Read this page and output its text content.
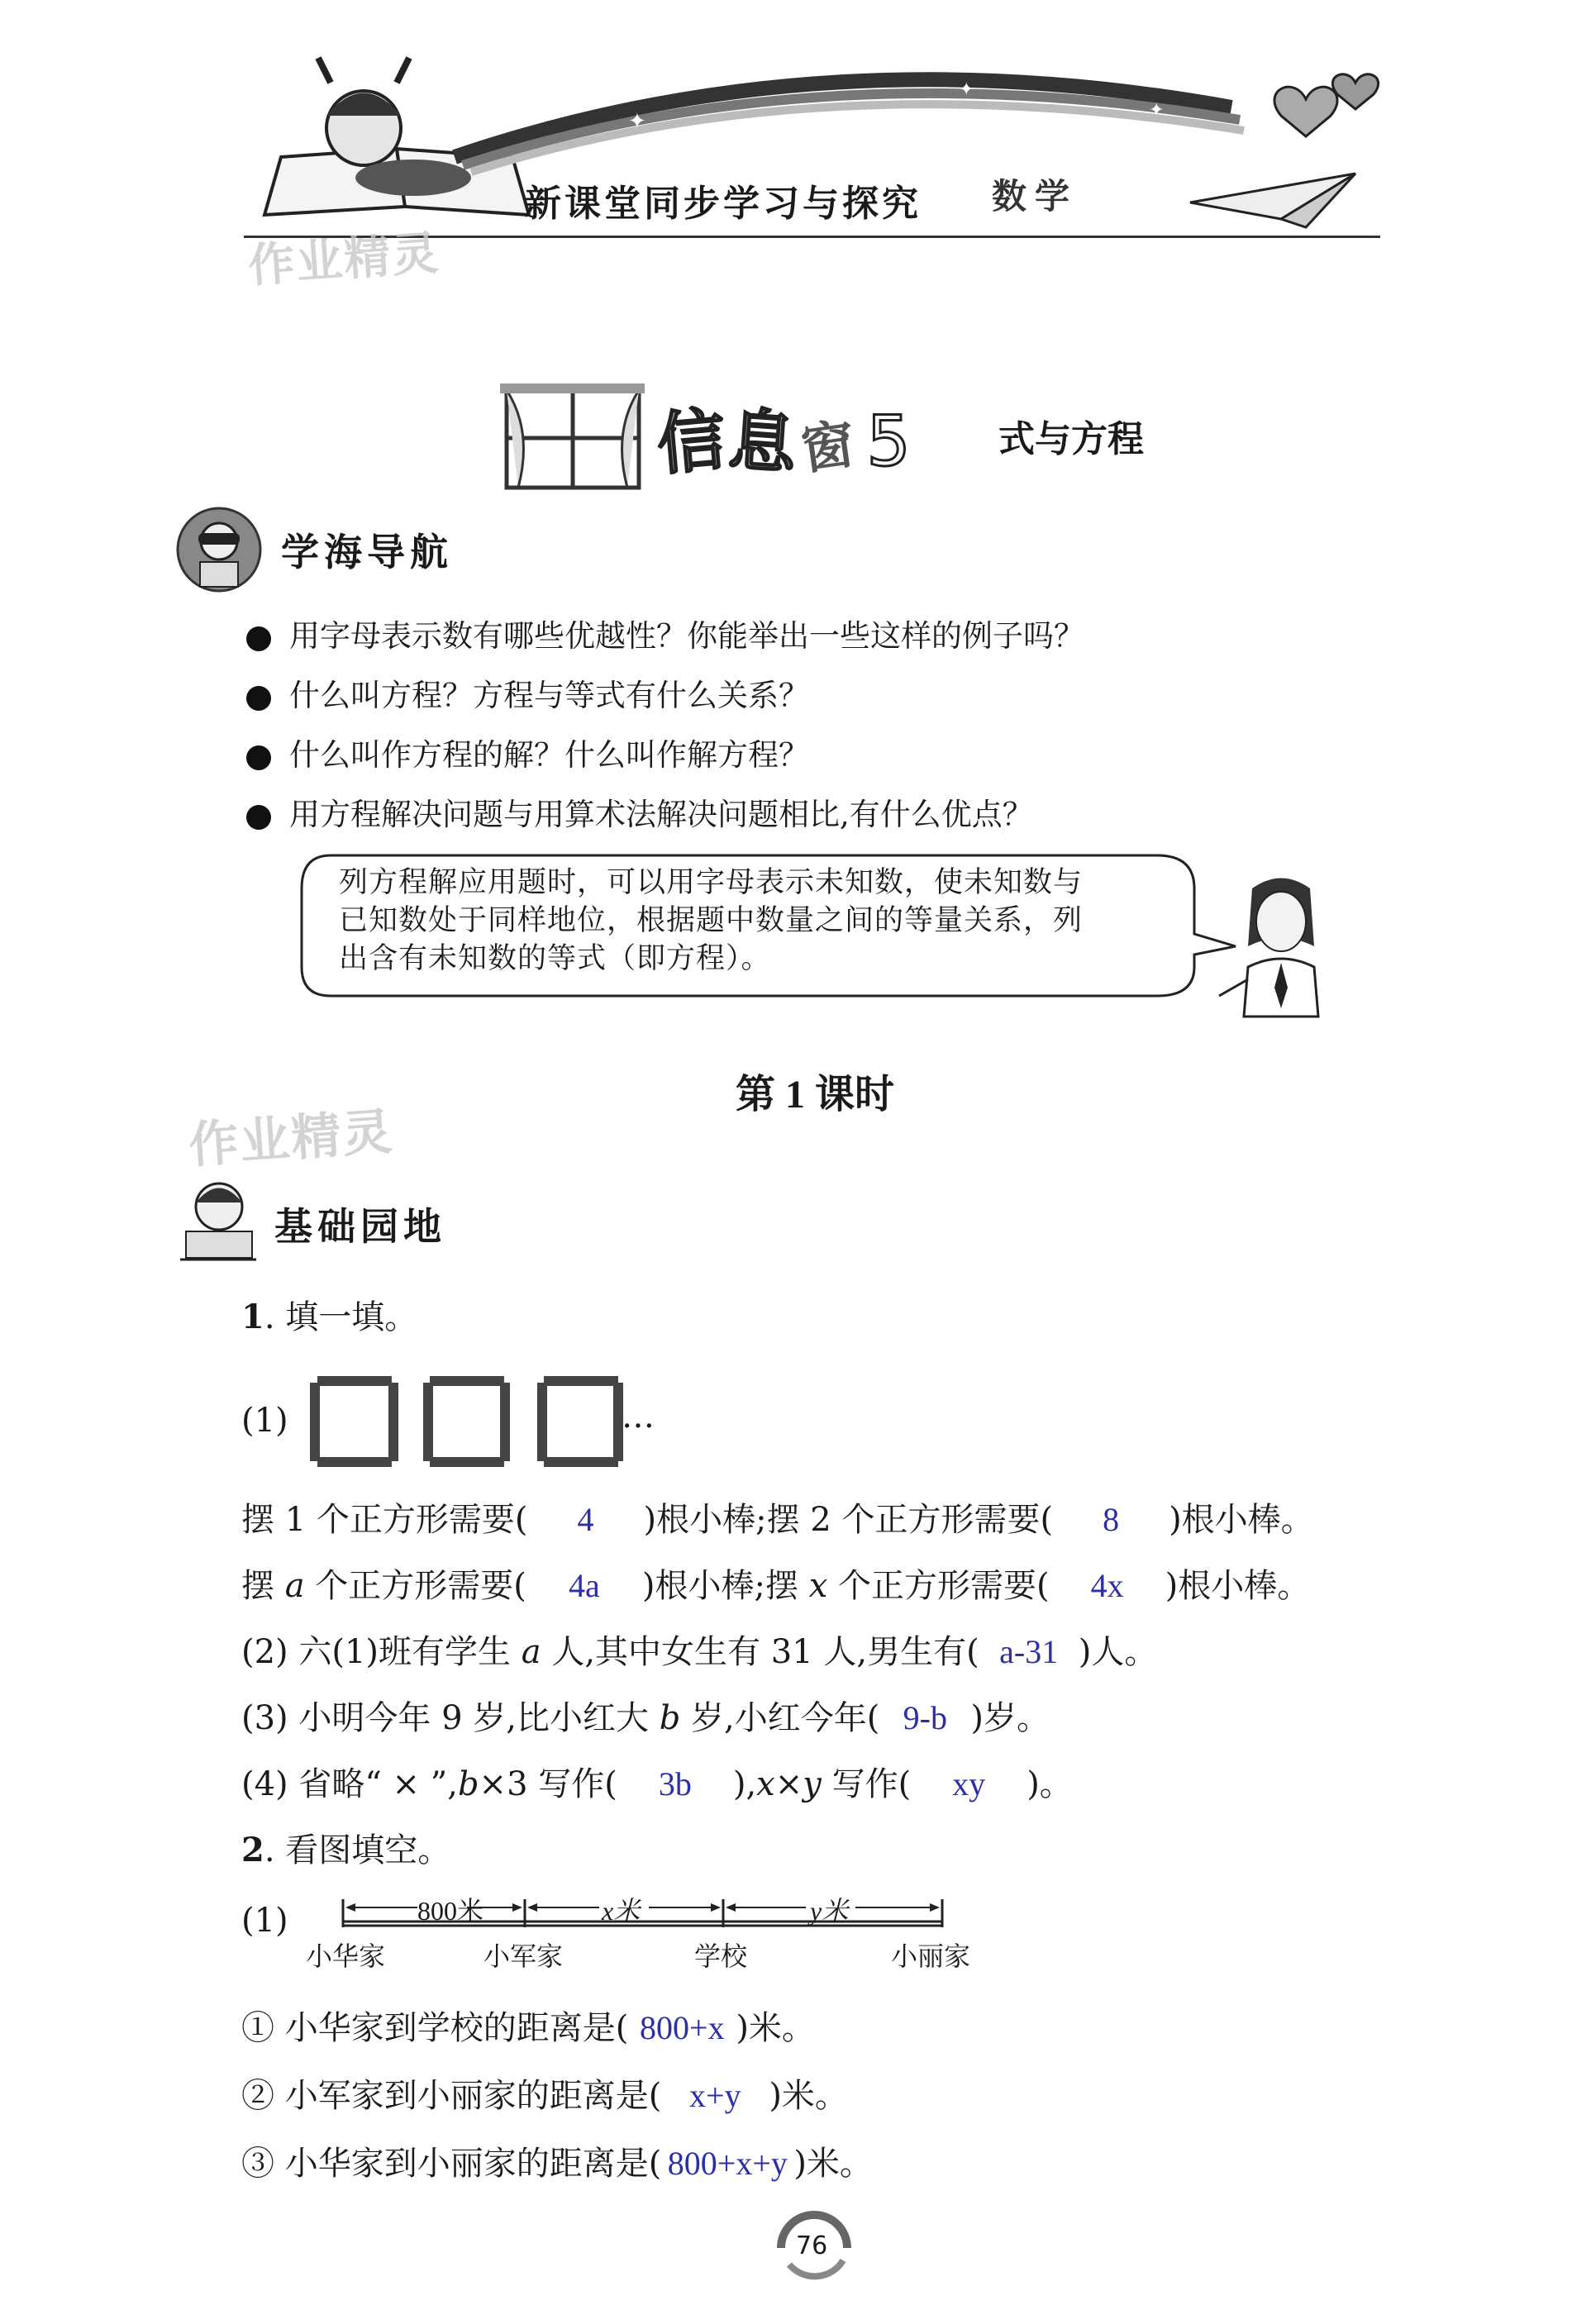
✦
✦
✦
新课堂同步学习与探究 数学
作业精灵
信 息 窗 5 式与方程
学海导航
用字母表示数有哪些优越性？你能举出一些这样的例子吗？
什么叫方程？方程与等式有什么关系？
什么叫作方程的解？什么叫作解方程？
用方程解决问题与用算术法解决问题相比,有什么优点？
列方程解应用题时，可以用字母表示未知数，使未知数与
已知数处于同样地位，根据题中数量之间的等量关系，列
出含有未知数的等式（即方程）。
作业精灵
第 1 课时
基础园地
1. 填一填。
(1)	…
摆 1 个正方形需要( 4 )根小棒;摆 2 个正方形需要( 8 )根小棒。
摆 a 个正方形需要( 4a )根小棒;摆 x 个正方形需要( 4x )根小棒。
(2) 六(1)班有学生 a 人,其中女生有 31 人,男生有( a-31 )人。
(3) 小明今年 9 岁,比小红大 b 岁,小红今年( 9-b )岁。
(4) 省略“ × ”,b×3 写作( 3b ),x×y 写作( xy )。
2. 看图填空。
(1)	800米	x米	y米
小华家	小军家	学校	小丽家
① 小华家到学校的距离是( 800+x )米。
② 小军家到小丽家的距离是( x+y )米。
③ 小华家到小丽家的距离是( 800+x+y )米。
76
